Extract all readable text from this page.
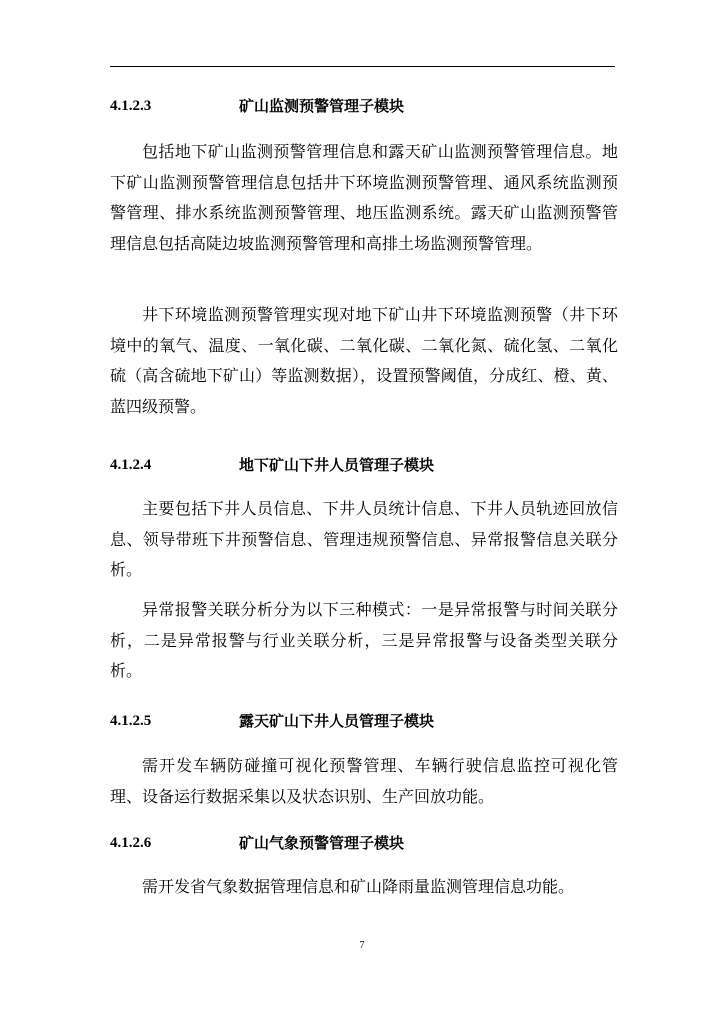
4.1.2.3	矿山监测预警管理子模块

包括地下矿山监测预警管理信息和露天矿山监测预警管理信息。地下矿山监测预警管理信息包括井下环境监测预警管理、通风系统监测预警管理、排水系统监测预警管理、地压监测系统。露天矿山监测预警管理信息包括高陡边坡监测预警管理和高排土场监测预警管理。

井下环境监测预警管理实现对地下矿山井下环境监测预警（井下环境中的氧气、温度、一氧化碳、二氧化碳、二氧化氮、硫化氢、二氧化硫（高含硫地下矿山）等监测数据），设置预警阈值，分成红、橙、黄、蓝四级预警。

4.1.2.4	地下矿山下井人员管理子模块

主要包括下井人员信息、下井人员统计信息、下井人员轨迹回放信息、领导带班下井预警信息、管理违规预警信息、异常报警信息关联分析。

异常报警关联分析分为以下三种模式：一是异常报警与时间关联分析，二是异常报警与行业关联分析，三是异常报警与设备类型关联分析。

4.1.2.5	露天矿山下井人员管理子模块

需开发车辆防碰撞可视化预警管理、车辆行驶信息监控可视化管理、设备运行数据采集以及状态识别、生产回放功能。

4.1.2.6	矿山气象预警管理子模块

需开发省气象数据管理信息和矿山降雨量监测管理信息功能。

7
